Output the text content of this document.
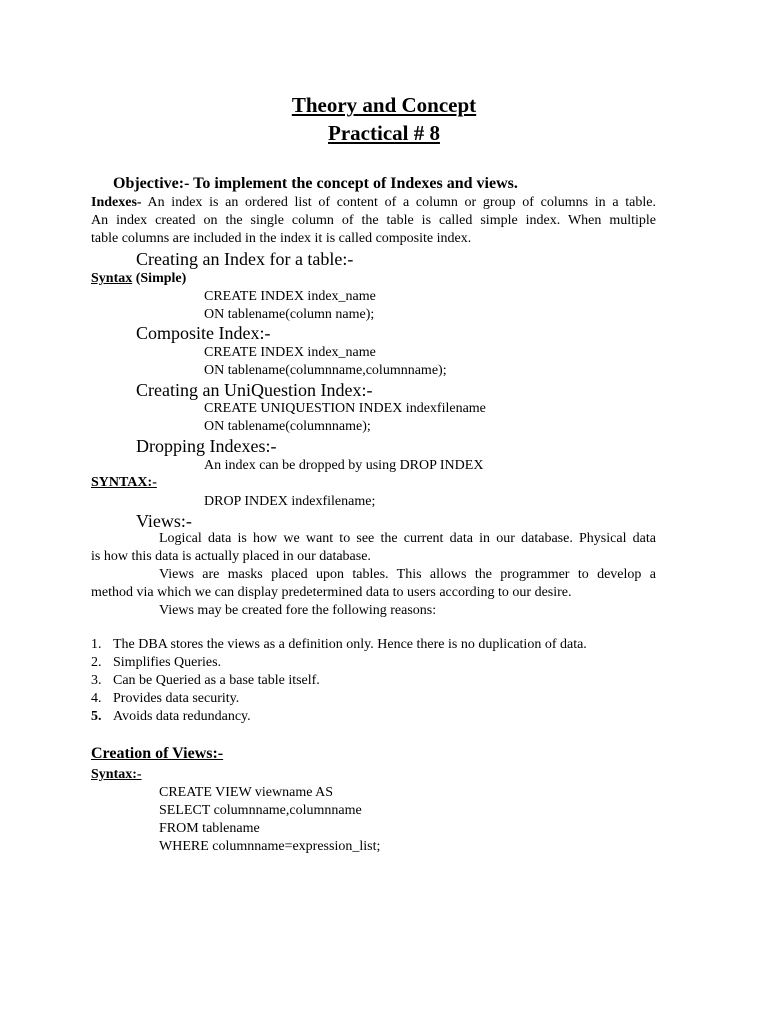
Theory and Concept
Practical # 8
Objective:- To implement the concept of Indexes and views.
Indexes- An index is an ordered list of content of a column or group of columns in a table.
An index created on the single column of the table is called simple index. When multiple
table columns are included in the index it is called composite index.
Creating an Index for a table:-
Syntax (Simple)
CREATE INDEX index_name
ON tablename(column name);
Composite Index:-
CREATE INDEX index_name
ON tablename(columnname,columnname);
Creating an UniQuestion Index:-
CREATE UNIQUESTION INDEX indexfilename
ON tablename(columnname);
Dropping Indexes:-
An index can be dropped by using DROP INDEX
SYNTAX:-
DROP INDEX indexfilename;
Views:-
Logical data is how we want to see the current data in our database. Physical data
is how this data is actually placed in our database.
Views are masks placed upon tables. This allows the programmer to develop a
method via which we can display predetermined data to users according to our desire.
Views may be created fore the following reasons:
1. The DBA stores the views as a definition only. Hence there is no duplication of data.
2. Simplifies Queries.
3. Can be Queried as a base table itself.
4. Provides data security.
5. Avoids data redundancy.
Creation of Views:-
Syntax:-
CREATE VIEW viewname AS
SELECT columnname,columnname
FROM tablename
WHERE columnname=expression_list;
